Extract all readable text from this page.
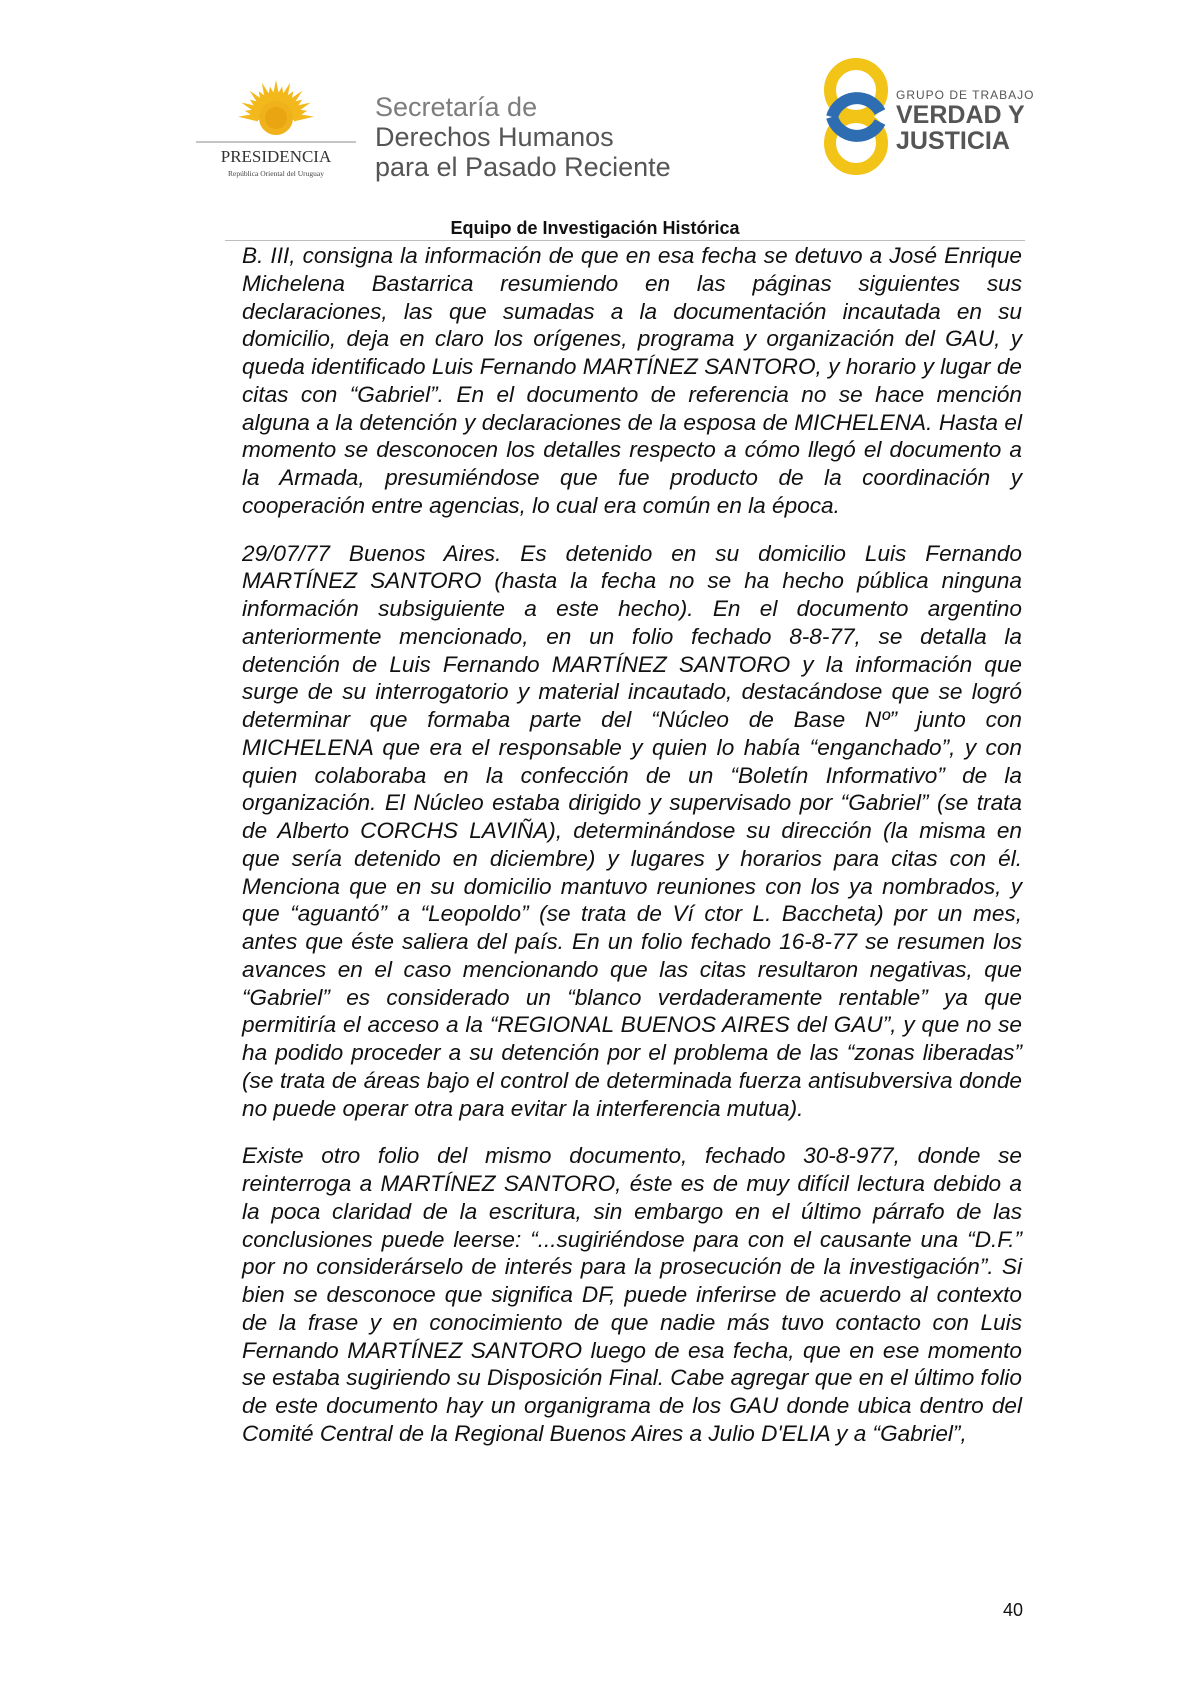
PRESIDENCIA
República Oriental del Uruguay
Secretaría de
Derechos Humanos
para el Pasado Reciente
GRUPO DE TRABAJO
VERDAD Y
JUSTICIA
Equipo de Investigación Histórica

B. III, consigna la información de que en esa fecha se detuvo a José Enrique Michelena Bastarrica resumiendo en las páginas siguientes sus declaraciones, las que sumadas a la documentación incautada en su domicilio, deja en claro los orígenes, programa y organización del GAU, y queda identificado Luis Fernando MARTÍNEZ SANTORO, y horario y lugar de citas con “Gabriel”. En el documento de referencia no se hace mención alguna a la detención y declaraciones de la esposa de MICHELENA. Hasta el momento se desconocen los detalles respecto a cómo llegó el documento a la Armada, presumiéndose que fue producto de la coordinación y cooperación entre agencias, lo cual era común en la época.

29/07/77 Buenos Aires. Es detenido en su domicilio Luis Fernando MARTÍNEZ SANTORO (hasta la fecha no se ha hecho pública ninguna información subsiguiente a este hecho). En el documento argentino anteriormente mencionado, en un folio fechado 8-8-77, se detalla la detención de Luis Fernando MARTÍNEZ SANTORO y la información que surge de su interrogatorio y material incautado, destacándose que se logró determinar que formaba parte del “Núcleo de Base Nº” junto con MICHELENA que era el responsable y quien lo había “enganchado”, y con quien colaboraba en la confección de un “Boletín Informativo” de la organización. El Núcleo estaba dirigido y supervisado por “Gabriel” (se trata de Alberto CORCHS LAVIÑA), determinándose su dirección (la misma en que sería detenido en diciembre) y lugares y horarios para citas con él. Menciona que en su domicilio mantuvo reuniones con los ya nombrados, y que “aguantó” a “Leopoldo” (se trata de Ví ctor L. Baccheta) por un mes, antes que éste saliera del país. En un folio fechado 16-8-77 se resumen los avances en el caso mencionando que las citas resultaron negativas, que “Gabriel” es considerado un “blanco verdaderamente rentable” ya que permitiría el acceso a la “REGIONAL BUENOS AIRES del GAU”, y que no se ha podido proceder a su detención por el problema de las “zonas liberadas” (se trata de áreas bajo el control de determinada fuerza antisubversiva donde no puede operar otra para evitar la interferencia mutua).

Existe otro folio del mismo documento, fechado 30-8-977, donde se reinterroga a MARTÍNEZ SANTORO, éste es de muy difícil lectura debido a la poca claridad de la escritura, sin embargo en el último párrafo de las conclusiones puede leerse: “...sugiriéndose para con el causante una “D.F.” por no considerárselo de interés para la prosecución de la investigación”. Si bien se desconoce que significa DF, puede inferirse de acuerdo al contexto de la frase y en conocimiento de que nadie más tuvo contacto con Luis Fernando MARTÍNEZ SANTORO luego de esa fecha, que en ese momento se estaba sugiriendo su Disposición Final. Cabe agregar que en el último folio de este documento hay un organigrama de los GAU donde ubica dentro del Comité Central de la Regional Buenos Aires a Julio D'ELIA y a “Gabriel”,

40
